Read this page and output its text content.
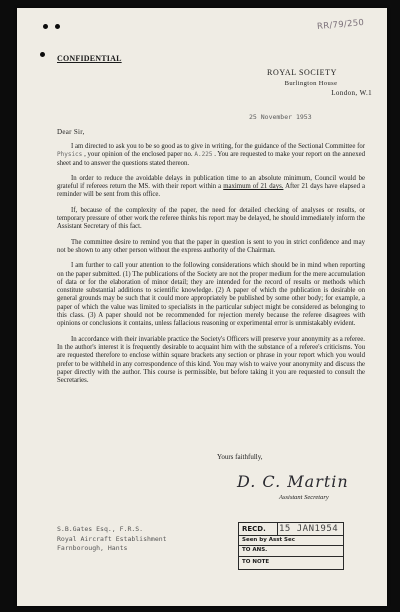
RR/79/250
CONFIDENTIAL
ROYAL SOCIETY
Burlington House
London, W.1
25 November 1953
Dear Sir,

I am directed to ask you to be so good as to give in writing, for the guidance of the Sectional Committee for Physics , your opinion of the enclosed paper no. A.225 . You are requested to make your report on the annexed sheet and to answer the questions stated thereon.

In order to reduce the avoidable delays in publication time to an absolute minimum, Council would be grateful if referees return the MS. with their report within a maximum of 21 days. After 21 days have elapsed a reminder will be sent from this office.

If, because of the complexity of the paper, the need for detailed checking of analyses or results, or temporary pressure of other work the referee thinks his report may be delayed, he should immediately inform the Assistant Secretary of this fact.

The committee desire to remind you that the paper in question is sent to you in strict confidence and may not be shown to any other person without the express authority of the Chairman.

I am further to call your attention to the following considerations which should be in mind when reporting on the paper submitted. (1) The publications of the Society are not the proper medium for the mere accumulation of data or for the elaboration of minor detail; they are intended for the record of results or methods which constitute substantial additions to scientific knowledge. (2) A paper of which the publication is desirable on general grounds may be such that it could more appropriately be published by some other body; for example, a paper of which the value was limited to specialists in the particular subject might be considered as belonging to this class. (3) A paper should not be recommended for rejection merely because the referee disagrees with opinions or conclusions it contains, unless fallacious reasoning or experimental error is unmistakably evident.

In accordance with their invariable practice the Society's Officers will preserve your anonymity as a referee. In the author's interest it is frequently desirable to acquaint him with the substance of a referee's criticisms. You are requested therefore to enclose within square brackets any section or phrase in your report which you would prefer to be withheld in any correspondence of this kind. You may wish to waive your anonymity and discuss the paper directly with the author. This course is permissible, but before taking it you are requested to consult the Secretaries.

Yours faithfully,
D. C. Martin
Assistant Secretary
S.B.Gates Esq., F.R.S.
Royal Aircraft Establishment
Farnborough, Hants
RECD. 15 JAN1954
Seen by Asst Sec
TO ANS.
TO NOTE
